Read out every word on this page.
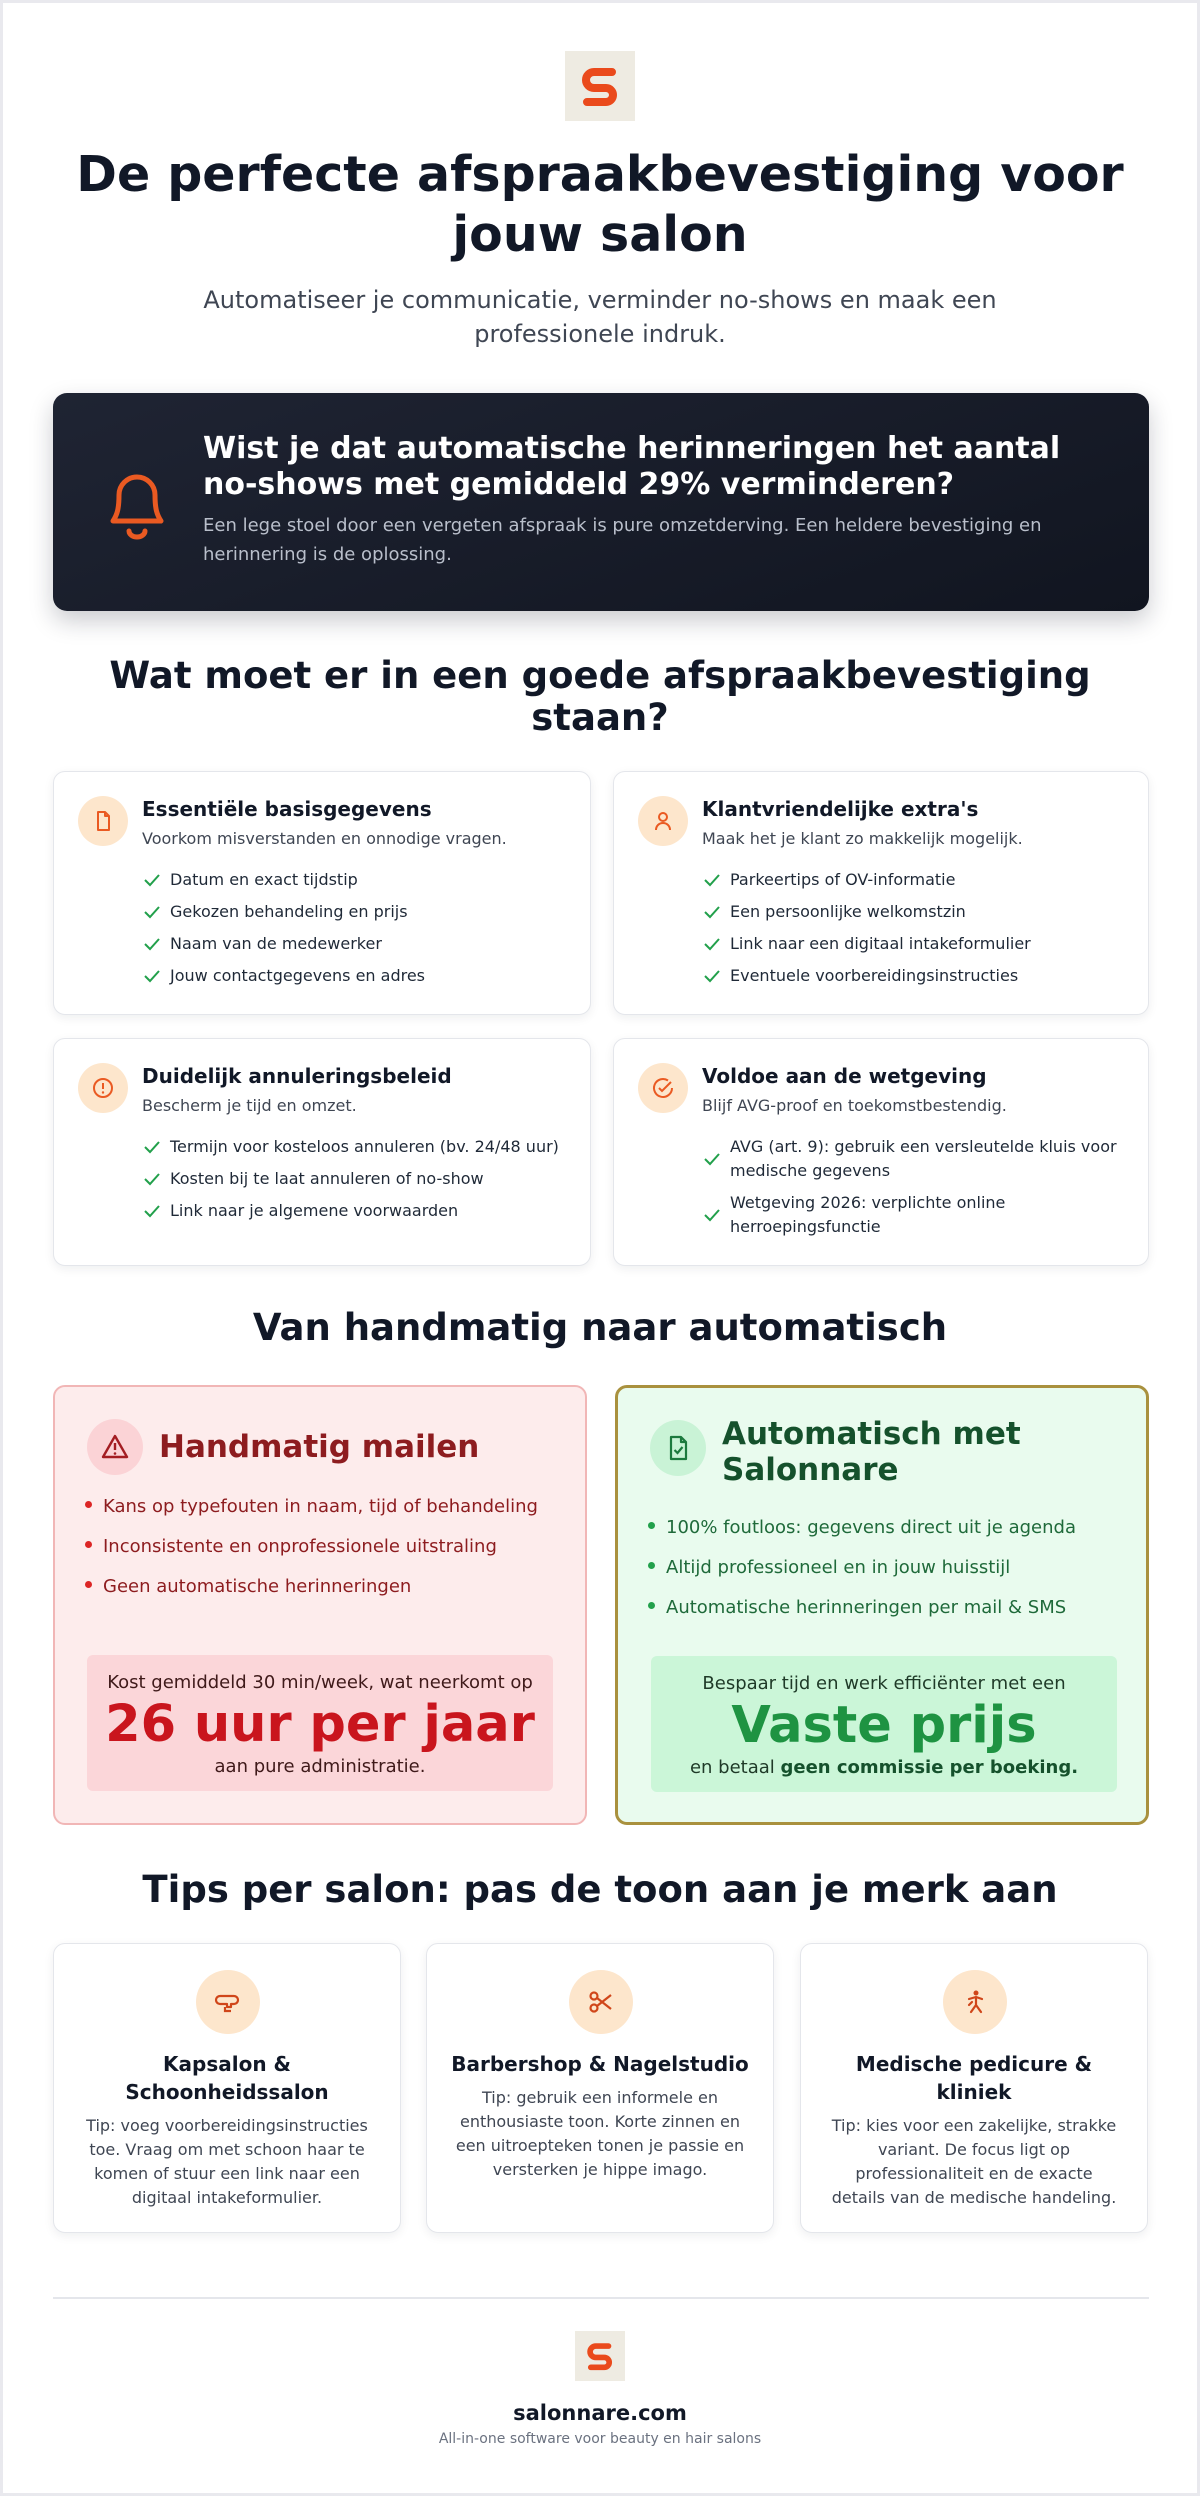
De perfecte afspraakbevestiging voor jouw salon

Automatiseer je communicatie, verminder no-shows en maak een professionele indruk.

Wist je dat automatische herinneringen het aantal no-shows met gemiddeld 29% verminderen?
Een lege stoel door een vergeten afspraak is pure omzetderving. Een heldere bevestiging en herinnering is de oplossing.
Wat moet er in een goede afspraakbevestiging staan?
Essentiële basisgegevens
Voorkom misverstanden en onnodige vragen.
Datum en exact tijdstip
Gekozen behandeling en prijs
Naam van de medewerker
Jouw contactgegevens en adres
Klantvriendelijke extra's
Maak het je klant zo makkelijk mogelijk.
Parkeertips of OV-informatie
Een persoonlijke welkomstzin
Link naar een digitaal intakeformulier
Eventuele voorbereidingsinstructies
Duidelijk annuleringsbeleid
Bescherm je tijd en omzet.
Termijn voor kosteloos annuleren (bv. 24/48 uur)
Kosten bij te laat annuleren of no-show
Link naar je algemene voorwaarden
Voldoe aan de wetgeving
Blijf AVG-proof en toekomstbestendig.
AVG (art. 9): gebruik een versleutelde kluis voor medische gegevens
Wetgeving 2026: verplichte online herroepingsfunctie
Van handmatig naar automatisch
Handmatig mailen
Kans op typefouten in naam, tijd of behandeling
Inconsistente en onprofessionele uitstraling
Geen automatische herinneringen
Kost gemiddeld 30 min/week, wat neerkomt op
26 uur per jaar
aan pure administratie.
Automatisch met Salonnare
100% foutloos: gegevens direct uit je agenda
Altijd professioneel en in jouw huisstijl
Automatische herinneringen per mail & SMS
Bespaar tijd en werk efficiënter met een
Vaste prijs
en betaal geen commissie per boeking.
Tips per salon: pas de toon aan je merk aan
Kapsalon & Schoonheidssalon
Tip: voeg voorbereidingsinstructies toe. Vraag om met schoon haar te komen of stuur een link naar een digitaal intakeformulier.
Barbershop & Nagelstudio
Tip: gebruik een informele en enthousiaste toon. Korte zinnen en een uitroepteken tonen je passie en versterken je hippe imago.
Medische pedicure & kliniek
Tip: kies voor een zakelijke, strakke variant. De focus ligt op professionaliteit en de exacte details van de medische handeling.
salonnare.com
All-in-one software voor beauty en hair salons
